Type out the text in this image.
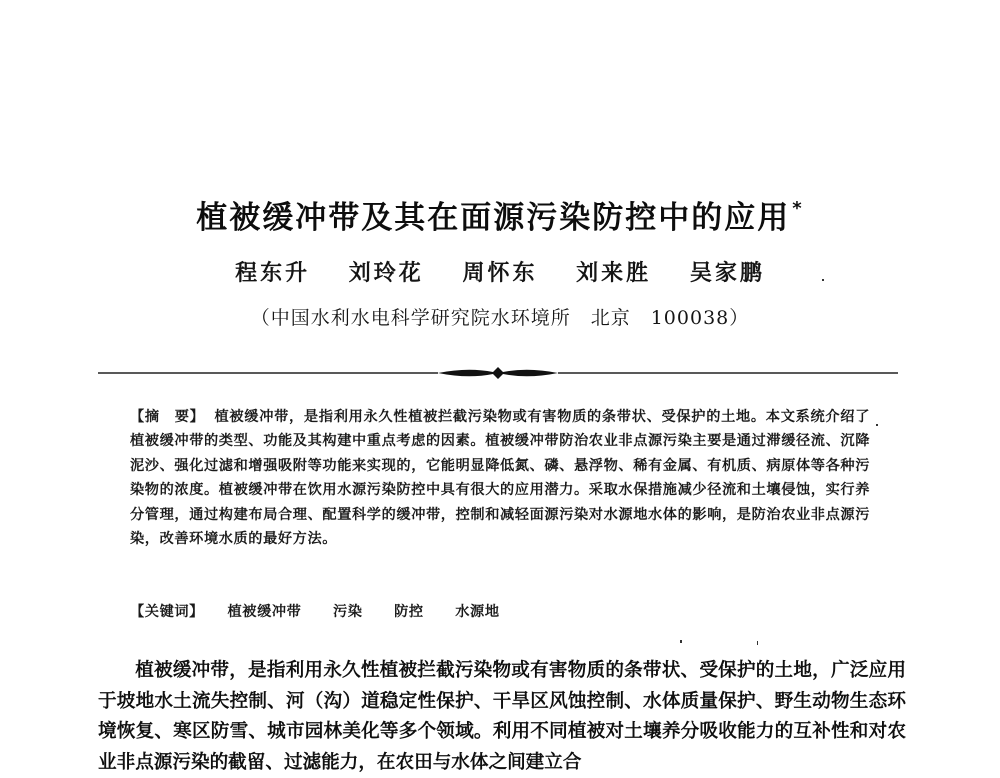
植被缓冲带及其在面源污染防控中的应用 *
程东升 刘玲花 周怀东 刘来胜 吴家鹏
（中国水利水电科学研究院水环境所　北京　100038）
【摘　要】 植被缓冲带，是指利用永久性植被拦截污染物或有害物质的条带状、受保护的土地。本文系统介绍了植被缓冲带的类型、功能及其构建中重点考虑的因素。植被缓冲带防治农业非点源污染主要是通过滞缓径流、沉降泥沙、强化过滤和增强吸附等功能来实现的，它能明显降低氮、磷、悬浮物、稀有金属、有机质、病原体等各种污染物的浓度。植被缓冲带在饮用水源污染防控中具有很大的应用潜力。采取水保措施减少径流和土壤侵蚀，实行养分管理，通过构建布局合理、配置科学的缓冲带，控制和减轻面源污染对水源地水体的影响，是防治农业非点源污染，改善环境水质的最好方法。
【关键词】 植被缓冲带 污染 防控 水源地

植被缓冲带，是指利用永久性植被拦截污染物或有害物质的条带状、受保护的土地，广泛应用于坡地水土流失控制、河（沟）道稳定性保护、干旱区风蚀控制、水体质量保护、野生动物生态环境恢复、寒区防雪、城市园林美化等多个领域。利用不同植被对土壤养分吸收能力的互补性和对农业非点源污染的截留、过滤能力，在农田与水体之间建立合
